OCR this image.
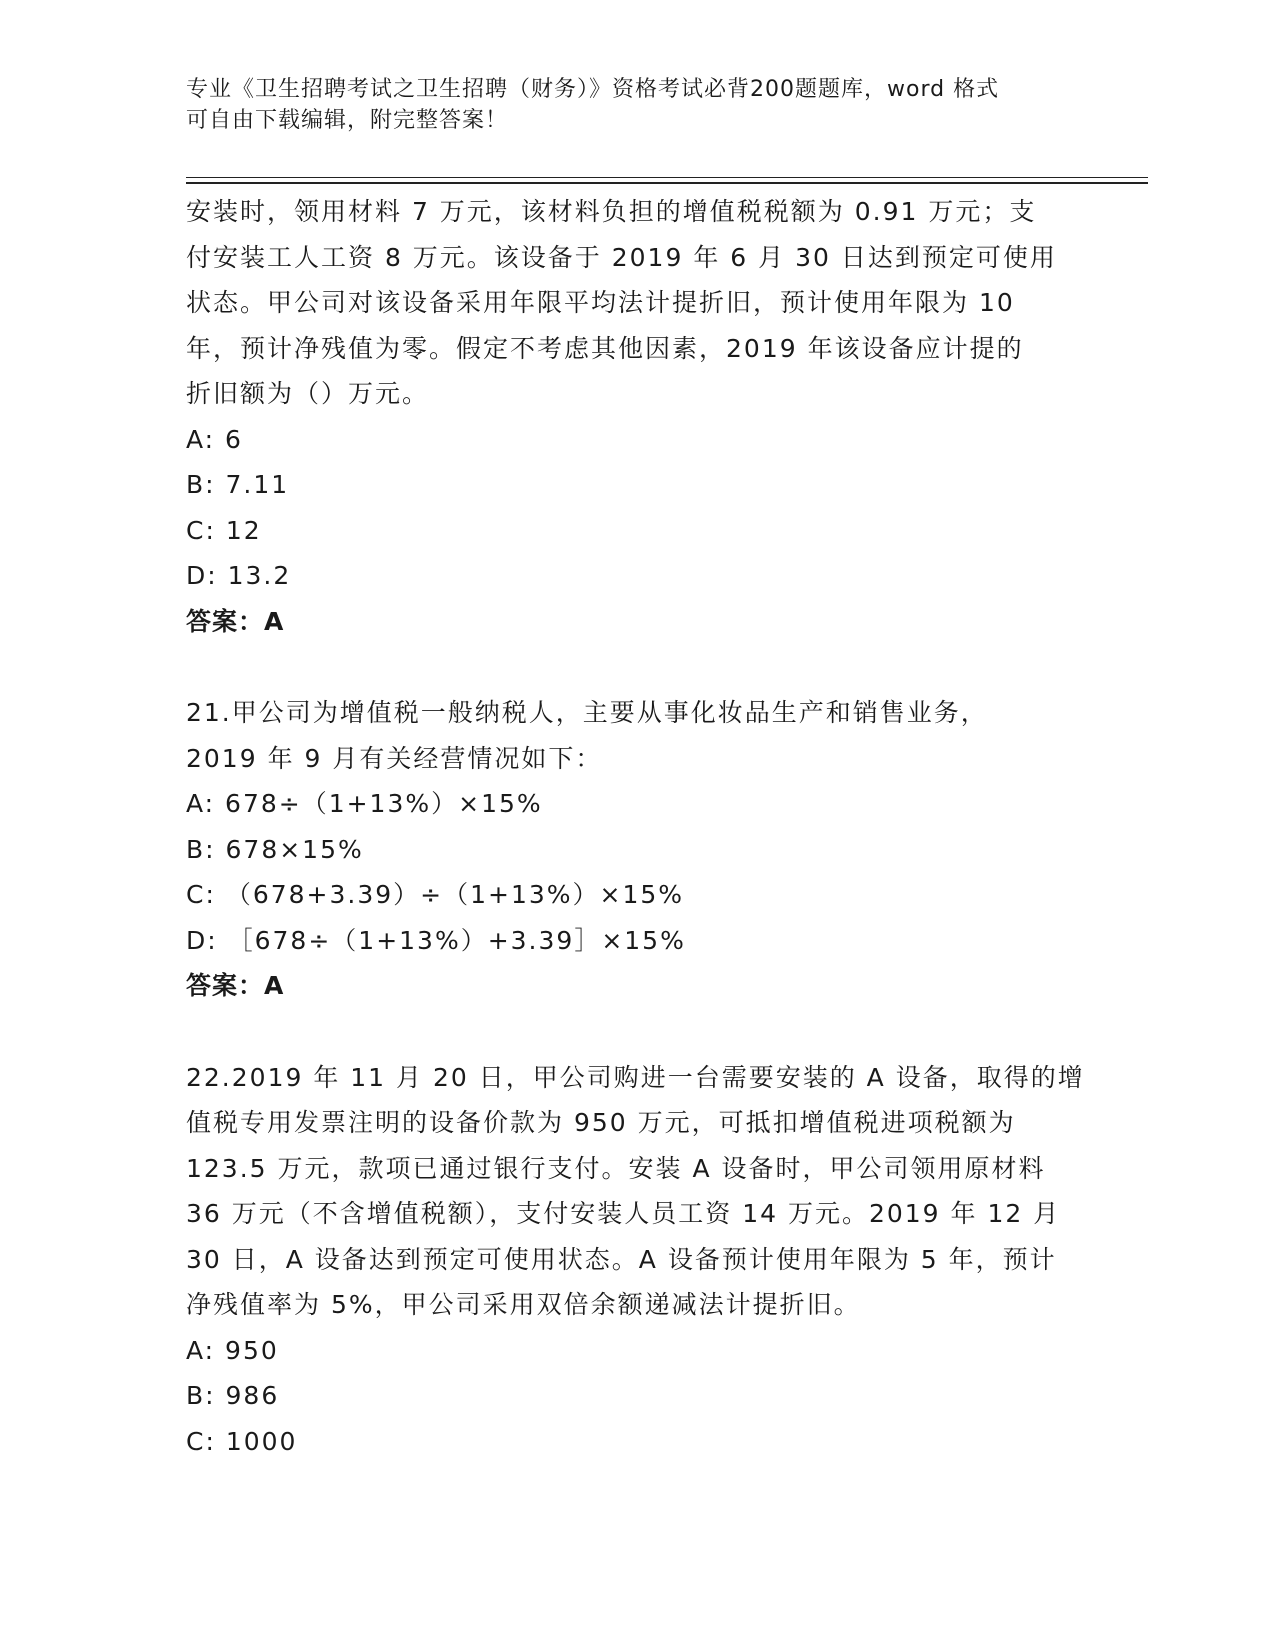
专业《卫生招聘考试之卫生招聘（财务）》资格考试必背200题题库，word 格式
可自由下载编辑，附完整答案！

安装时，领用材料 7 万元，该材料负担的增值税税额为 0.91 万元；支

付安装工人工资 8 万元。该设备于 2019 年 6 月 30 日达到预定可使用

状态。甲公司对该设备采用年限平均法计提折旧，预计使用年限为 10

年，预计净残值为零。假定不考虑其他因素，2019 年该设备应计提的

折旧额为（）万元。

A: 6

B: 7.11

C: 12

D: 13.2

答案：A

21.甲公司为增值税一般纳税人，主要从事化妆品生产和销售业务，

2019 年 9 月有关经营情况如下：

A: 678÷（1+13%）×15%

B: 678×15%

C: （678+3.39）÷（1+13%）×15%

D: ［678÷（1+13%）+3.39］×15%

答案：A

22.2019 年 11 月 20 日，甲公司购进一台需要安装的 A 设备，取得的增

值税专用发票注明的设备价款为 950 万元，可抵扣增值税进项税额为

123.5 万元，款项已通过银行支付。安装 A 设备时，甲公司领用原材料

36 万元（不含增值税额），支付安装人员工资 14 万元。2019 年 12 月

30 日，A 设备达到预定可使用状态。A 设备预计使用年限为 5 年，预计

净残值率为 5%，甲公司采用双倍余额递减法计提折旧。

A: 950

B: 986

C: 1000
